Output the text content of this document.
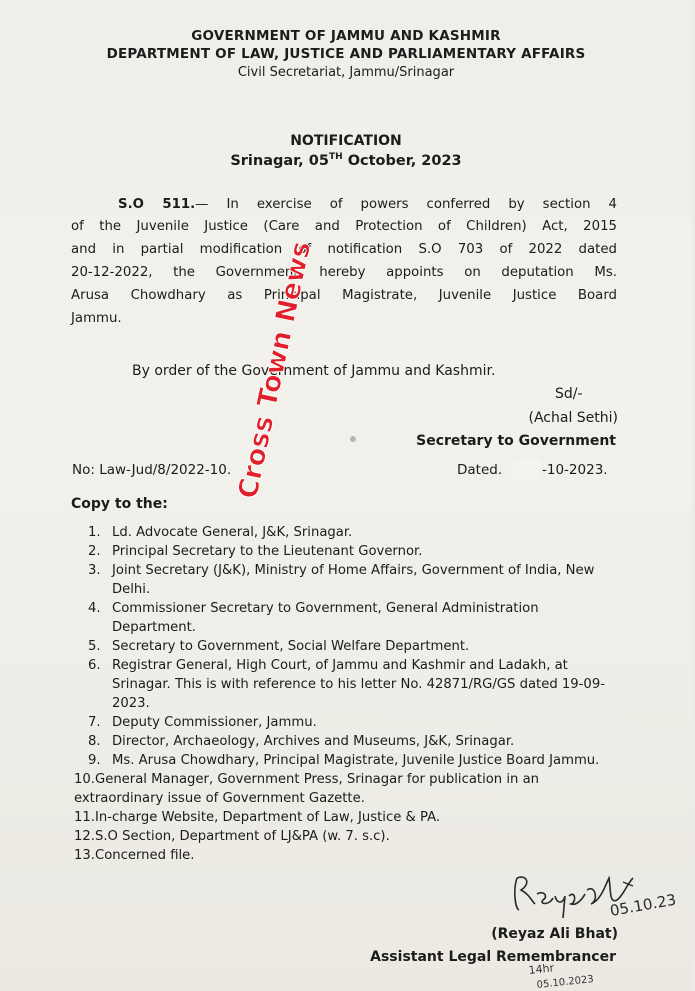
GOVERNMENT OF JAMMU AND KASHMIR
DEPARTMENT OF LAW, JUSTICE AND PARLIAMENTARY AFFAIRS
Civil Secretariat, Jammu/Srinagar
NOTIFICATION
Srinagar, 05TH October, 2023
S.O 511.— In exercise of powers conferred by section 4
of the Juvenile Justice (Care and Protection of Children) Act, 2015
and in partial modification of notification S.O 703 of 2022 dated
20-12-2022, the Government hereby appoints on deputation Ms.
Arusa Chowdhary as Principal Magistrate, Juvenile Justice Board
Jammu.
By order of the Government of Jammu and Kashmir.
Sd/-
(Achal Sethi)
Secretary to Government
No: Law-Jud/8/2022-10.	Dated.	-10-2023.
Copy to the:
1. Ld. Advocate General, J&K, Srinagar.
2. Principal Secretary to the Lieutenant Governor.
3. Joint Secretary (J&K), Ministry of Home Affairs, Government of India, New Delhi.
4. Commissioner Secretary to Government, General Administration Department.
5. Secretary to Government, Social Welfare Department.
6. Registrar General, High Court, of Jammu and Kashmir and Ladakh, at Srinagar. This is with reference to his letter No. 42871/RG/GS dated 19-09-2023.
7. Deputy Commissioner, Jammu.
8. Director, Archaeology, Archives and Museums, J&K, Srinagar.
9. Ms. Arusa Chowdhary, Principal Magistrate, Juvenile Justice Board Jammu.
10.General Manager, Government Press, Srinagar for publication in an extraordinary issue of Government Gazette.
11.In-charge Website, Department of Law, Justice & PA.
12.S.O Section, Department of LJ&PA (w. 7. s.c).
13.Concerned file.
(Reyaz Ali Bhat)
Assistant Legal Remembrancer
05.10.23
14hr
05.10.2023
Cross Town News
